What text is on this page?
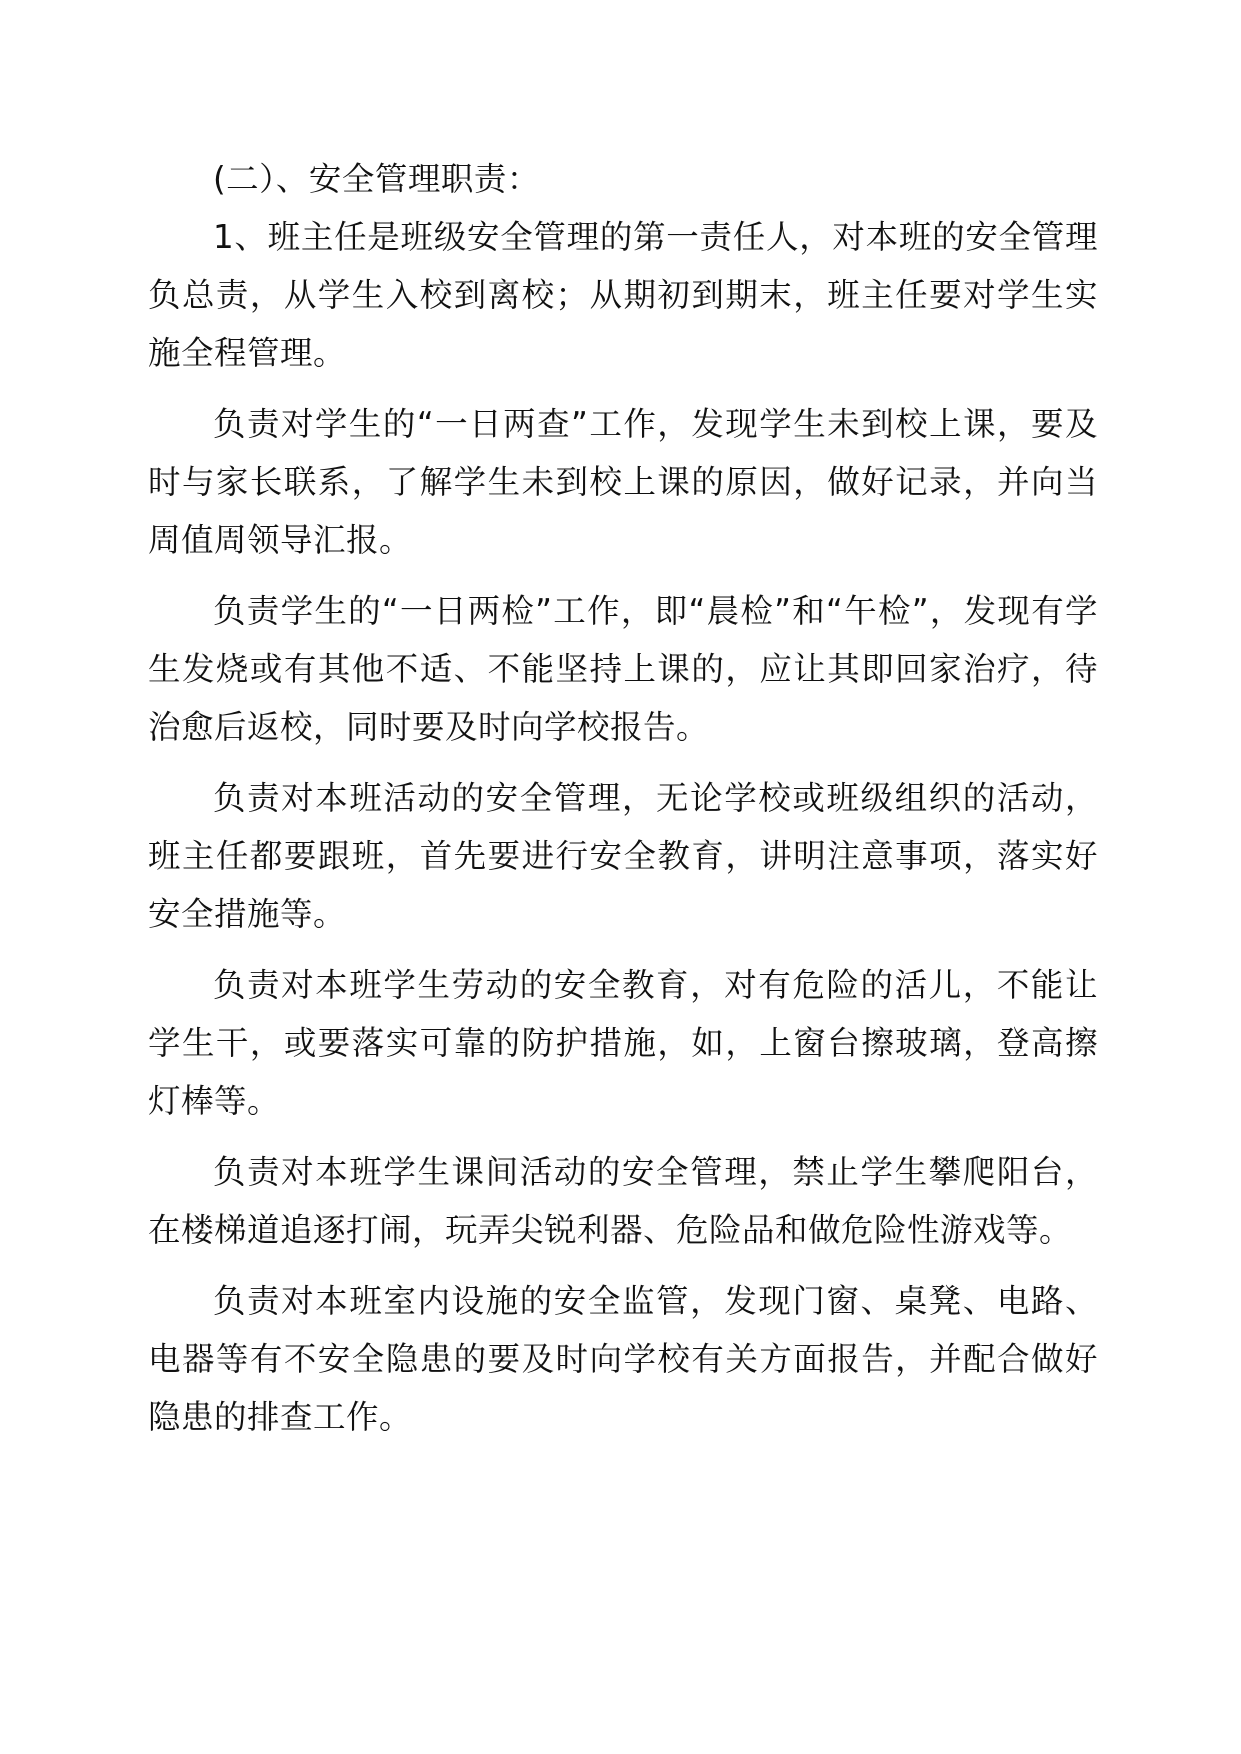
(二）、安全管理职责：

1、班主任是班级安全管理的第一责任人，对本班的安全管理负总责，从学生入校到离校；从期初到期末，班主任要对学生实施全程管理。

负责对学生的“一日两查”工作，发现学生未到校上课，要及时与家长联系，了解学生未到校上课的原因，做好记录，并向当周值周领导汇报。

负责学生的“一日两检”工作，即“晨检”和“午检”，发现有学生发烧或有其他不适、不能坚持上课的，应让其即回家治疗，待治愈后返校，同时要及时向学校报告。

负责对本班活动的安全管理，无论学校或班级组织的活动，班主任都要跟班，首先要进行安全教育，讲明注意事项，落实好安全措施等。

负责对本班学生劳动的安全教育，对有危险的活儿，不能让学生干，或要落实可靠的防护措施，如，上窗台擦玻璃，登高擦灯棒等。

负责对本班学生课间活动的安全管理，禁止学生攀爬阳台，在楼梯道追逐打闹，玩弄尖锐利器、危险品和做危险性游戏等。

负责对本班室内设施的安全监管，发现门窗、桌凳、电路、电器等有不安全隐患的要及时向学校有关方面报告，并配合做好隐患的排查工作。
